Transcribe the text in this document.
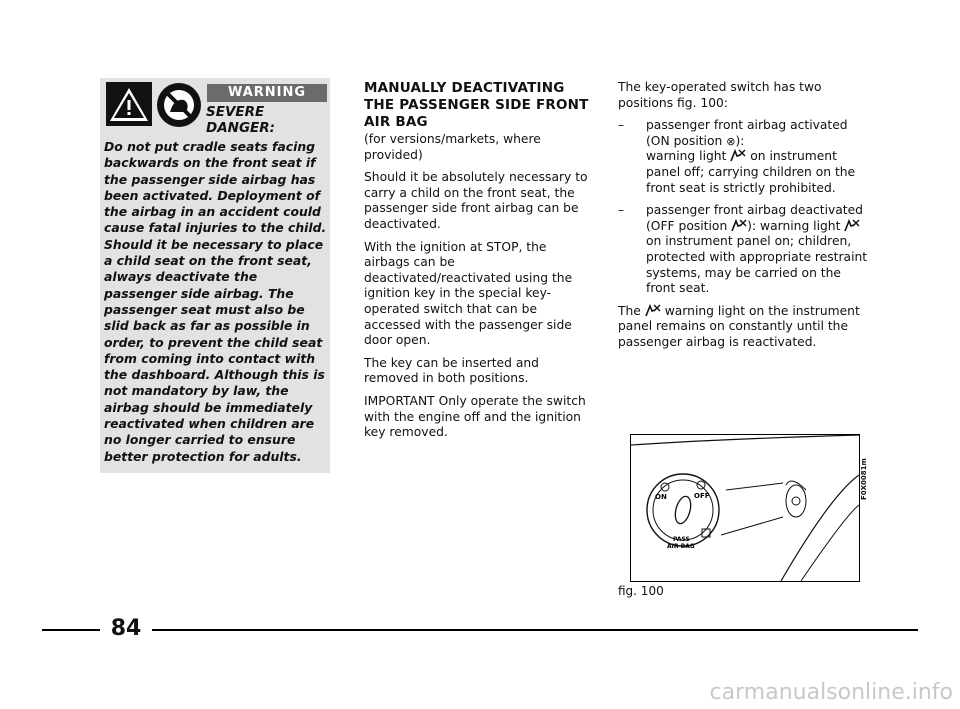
WARNING
SEVERE DANGER:
Do not put cradle seats facing backwards on the front seat if the passenger side airbag has been activated. Deployment of the airbag in an accident could cause fatal injuries to the child. Should it be necessary to place a child seat on the front seat, always deactivate the passenger side airbag. The passenger seat must also be slid back as far as possible in order, to prevent the child seat from coming into contact with the dashboard. Although this is not mandatory by law, the airbag should be immediately reactivated when children are no longer carried to ensure better protection for adults.
MANUALLY DEACTIVATING THE PASSENGER SIDE FRONT AIR BAG

(for versions/markets, where provided)

Should it be absolutely necessary to carry a child on the front seat, the passenger side front airbag can be deactivated.

With the ignition at STOP, the airbags can be deactivated/reactivated using the ignition key in the special key-operated switch that can be accessed with the passenger side door open.

The key can be inserted and removed in both positions.

IMPORTANT Only operate the switch with the engine off and the ignition key removed.

The key-operated switch has two positions fig. 100:

– passenger front airbag activated (ON position ⊗):
warning light on instrument panel off; carrying children on the front seat is strictly prohibited.

– passenger front airbag deactivated (OFF position ): warning light  on instrument panel on; children, protected with appropriate restraint systems, may be carried on the front seat.

The warning light on the instrument panel remains on constantly until the passenger airbag is reactivated.

ON	OFF
PASS
AIR BAG
F0X0081m
fig. 100
84
carmanualsonline.info
